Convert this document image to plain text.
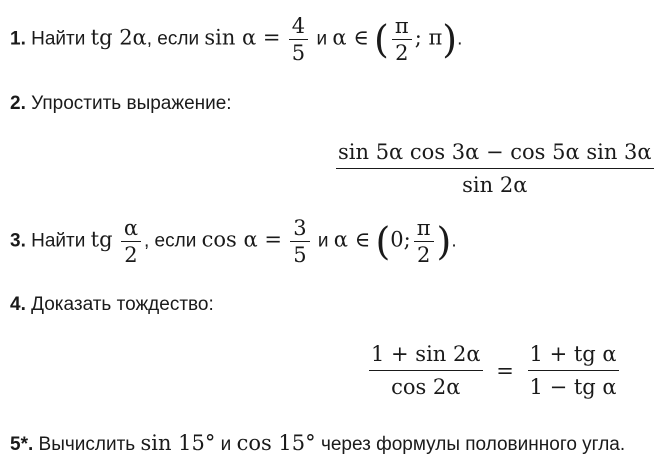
1. Найти tg 2α, если $\sin \alpha = \frac{4}{5}$ и α ∈ ( $\frac{\pi}{2}$ ; π).
2. Упростить выражение:
$\frac{\text{sin 5α cos 3α − cos 5α sin 3α}}{\sin 2\alpha}$
3. Найти tg $\frac{\alpha}{2}$ , если $\cos \alpha = \frac{3}{5}$ и α ∈ (0; $\frac{\pi}{2}$ ).
4. Доказать тождество:
$\frac{1 + \sin 2\alpha}{\cos 2\alpha} = \frac{\text{1 + tg α}}{\text{1 − tg α}}$
5*. Вычислить sin 15° и cos 15° через формулы половинного угла.
